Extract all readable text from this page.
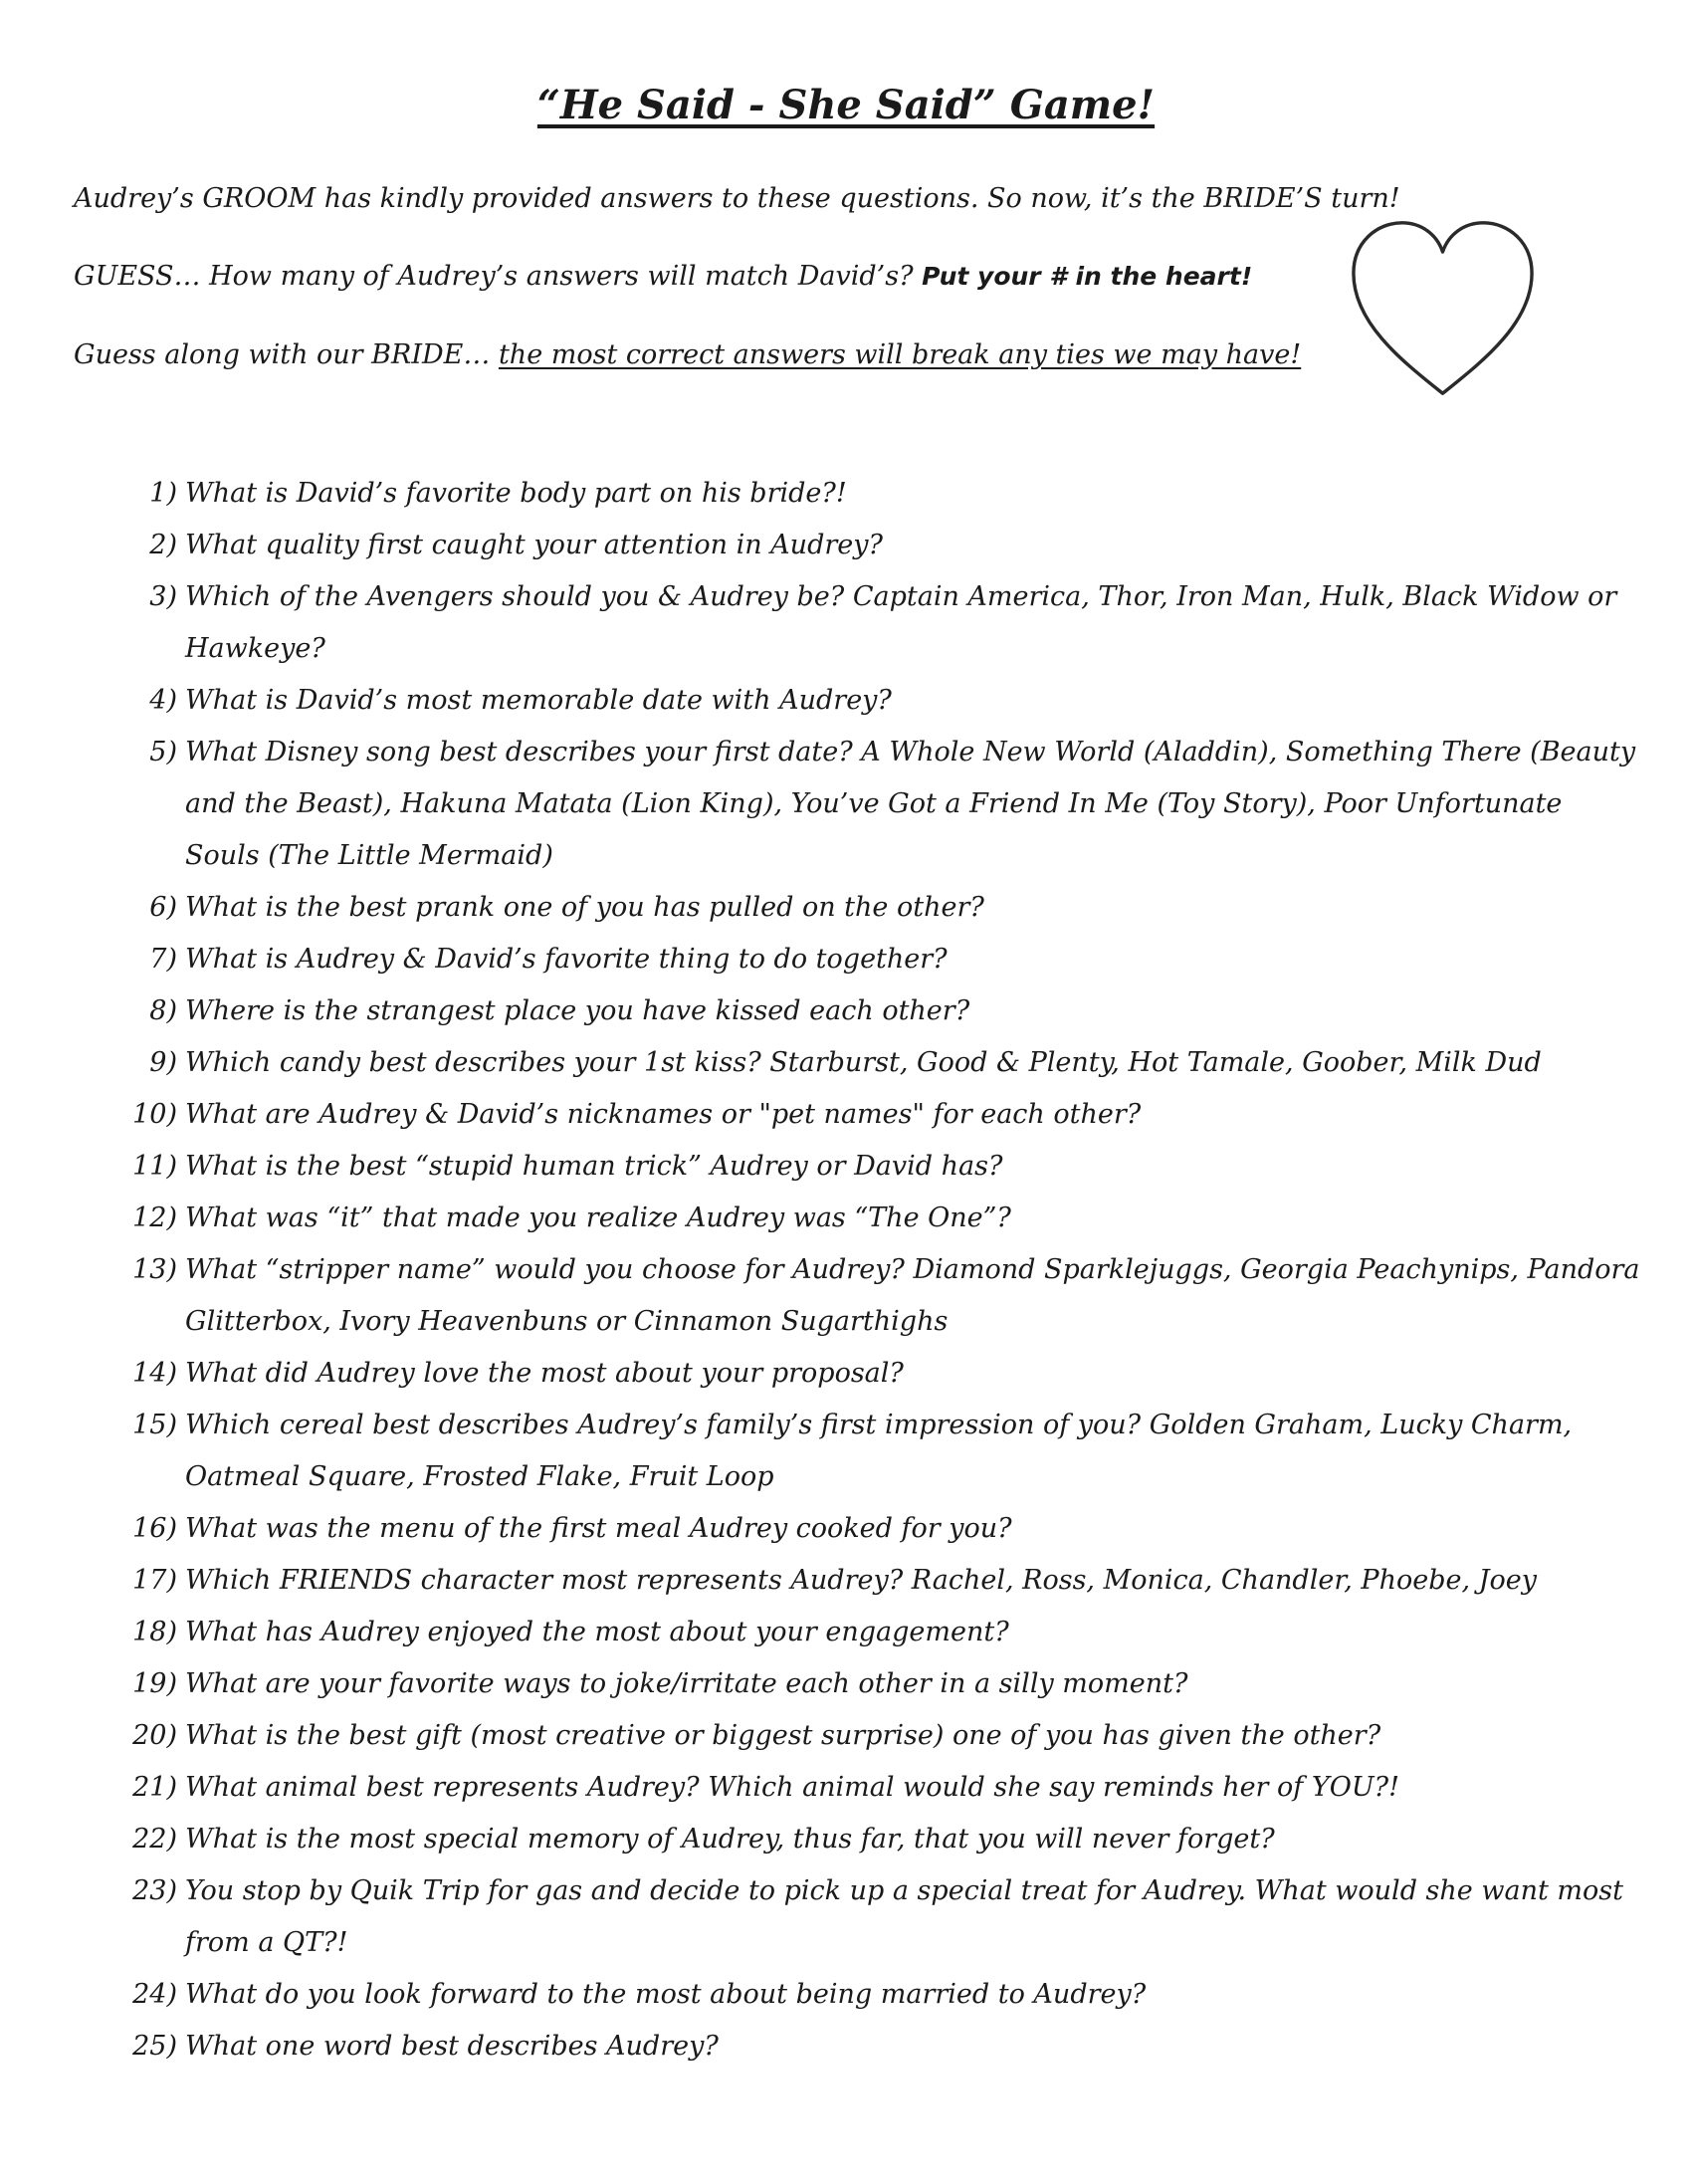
“He Said - She Said” Game!

Audrey’s GROOM has kindly provided answers to these questions. So now, it’s the BRIDE’S turn!

GUESS… How many of Audrey’s answers will match David’s? Put your # in the heart!

Guess along with our BRIDE… the most correct answers will break any ties we may have!

1) What is David’s favorite body part on his bride?!
2) What quality first caught your attention in Audrey?
3) Which of the Avengers should you & Audrey be? Captain America, Thor, Iron Man, Hulk, Black Widow or Hawkeye?
4) What is David’s most memorable date with Audrey?
5) What Disney song best describes your first date? A Whole New World (Aladdin), Something There (Beauty and the Beast), Hakuna Matata (Lion King), You’ve Got a Friend In Me (Toy Story), Poor Unfortunate Souls (The Little Mermaid)
6) What is the best prank one of you has pulled on the other?
7) What is Audrey & David’s favorite thing to do together?
8) Where is the strangest place you have kissed each other?
9) Which candy best describes your 1st kiss? Starburst, Good & Plenty, Hot Tamale, Goober, Milk Dud
10) What are Audrey & David’s nicknames or "pet names" for each other?
11) What is the best “stupid human trick” Audrey or David has?
12) What was “it” that made you realize Audrey was “The One”?
13) What “stripper name” would you choose for Audrey? Diamond Sparklejuggs, Georgia Peachynips, Pandora Glitterbox, Ivory Heavenbuns or Cinnamon Sugarthighs
14) What did Audrey love the most about your proposal?
15) Which cereal best describes Audrey’s family’s first impression of you? Golden Graham, Lucky Charm, Oatmeal Square, Frosted Flake, Fruit Loop
16) What was the menu of the first meal Audrey cooked for you?
17) Which FRIENDS character most represents Audrey? Rachel, Ross, Monica, Chandler, Phoebe, Joey
18) What has Audrey enjoyed the most about your engagement?
19) What are your favorite ways to joke/irritate each other in a silly moment?
20) What is the best gift (most creative or biggest surprise) one of you has given the other?
21) What animal best represents Audrey? Which animal would she say reminds her of YOU?!
22) What is the most special memory of Audrey, thus far, that you will never forget?
23) You stop by Quik Trip for gas and decide to pick up a special treat for Audrey. What would she want most from a QT?!
24) What do you look forward to the most about being married to Audrey?
25) What one word best describes Audrey?
